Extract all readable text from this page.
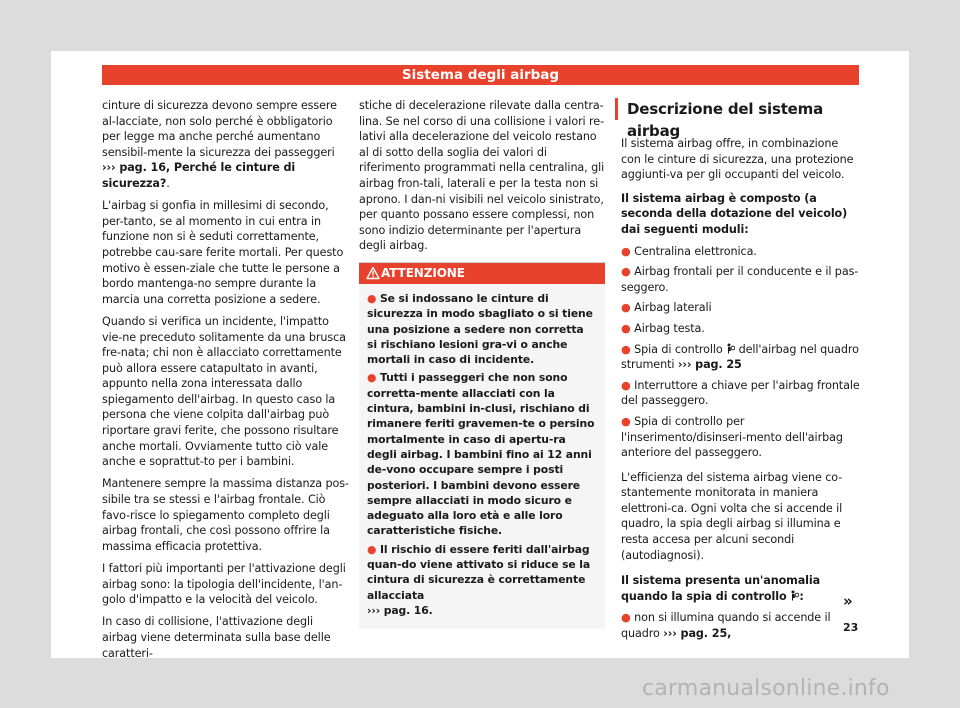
Sistema degli airbag

cinture di sicurezza devono sempre essere al-lacciate, non solo perché è obbligatorio per legge ma anche perché aumentano sensibil-mente la sicurezza dei passeggeri ››› pag. 16, Perché le cinture di sicurezza?.

L'airbag si gonfia in millesimi di secondo, per-tanto, se al momento in cui entra in funzione non si è seduti correttamente, potrebbe cau-sare ferite mortali. Per questo motivo è essen-ziale che tutte le persone a bordo mantenga-no sempre durante la marcia una corretta posizione a sedere.

Quando si verifica un incidente, l'impatto vie-ne preceduto solitamente da una brusca fre-nata; chi non è allacciato correttamente può allora essere catapultato in avanti, appunto nella zona interessata dallo spiegamento dell'airbag. In questo caso la persona che viene colpita dall'airbag può riportare gravi ferite, che possono risultare anche mortali. Ovviamente tutto ciò vale anche e soprattut-to per i bambini.

Mantenere sempre la massima distanza pos-sibile tra se stessi e l'airbag frontale. Ciò favo-risce lo spiegamento completo degli airbag frontali, che così possono offrire la massima efficacia protettiva.

I fattori più importanti per l'attivazione degli airbag sono: la tipologia dell'incidente, l'an-golo d'impatto e la velocità del veicolo.

In caso di collisione, l'attivazione degli airbag viene determinata sulla base delle caratteri-

stiche di decelerazione rilevate dalla centra-lina. Se nel corso di una collisione i valori re-lativi alla decelerazione del veicolo restano al di sotto della soglia dei valori di riferimento programmati nella centralina, gli airbag fron-tali, laterali e per la testa non si aprono. I dan-ni visibili nel veicolo sinistrato, per quanto possano essere complessi, non sono indizio determinante per l'apertura degli airbag.

ATTENZIONE

● Se si indossano le cinture di sicurezza in modo sbagliato o si tiene una posizione a sedere non corretta si rischiano lesioni gra-vi o anche mortali in caso di incidente.

● Tutti i passeggeri che non sono corretta-mente allacciati con la cintura, bambini in-clusi, rischiano di rimanere feriti gravemen-te o persino mortalmente in caso di apertu-ra degli airbag. I bambini fino ai 12 anni de-vono occupare sempre i posti posteriori. I bambini devono essere sempre allacciati in modo sicuro e adeguato alla loro età e alle loro caratteristiche fisiche.

● Il rischio di essere feriti dall'airbag quan-do viene attivato si riduce se la cintura di sicurezza è correttamente allacciata
››› pag. 16.

Descrizione del sistema airbag

Il sistema airbag offre, in combinazione con le cinture di sicurezza, una protezione aggiunti-va per gli occupanti del veicolo.

Il sistema airbag è composto (a seconda della dotazione del veicolo) dai seguenti moduli:

● Centralina elettronica.

● Airbag frontali per il conducente e il pas-seggero.

● Airbag laterali

● Airbag testa.

● Spia di controllo  dell'airbag nel quadro strumenti ››› pag. 25

● Interruttore a chiave per l'airbag frontale del passeggero.

● Spia di controllo per l'inserimento/disinseri-mento dell'airbag anteriore del passeggero.

L'efficienza del sistema airbag viene co-stantemente monitorata in maniera elettroni-ca. Ogni volta che si accende il quadro, la spia degli airbag si illumina e resta accesa per alcuni secondi (autodiagnosi).

Il sistema presenta un'anomalia quando la spia di controllo :

● non si illumina quando si accende il quadro ››› pag. 25,

»
23
carmanualsonline.info
